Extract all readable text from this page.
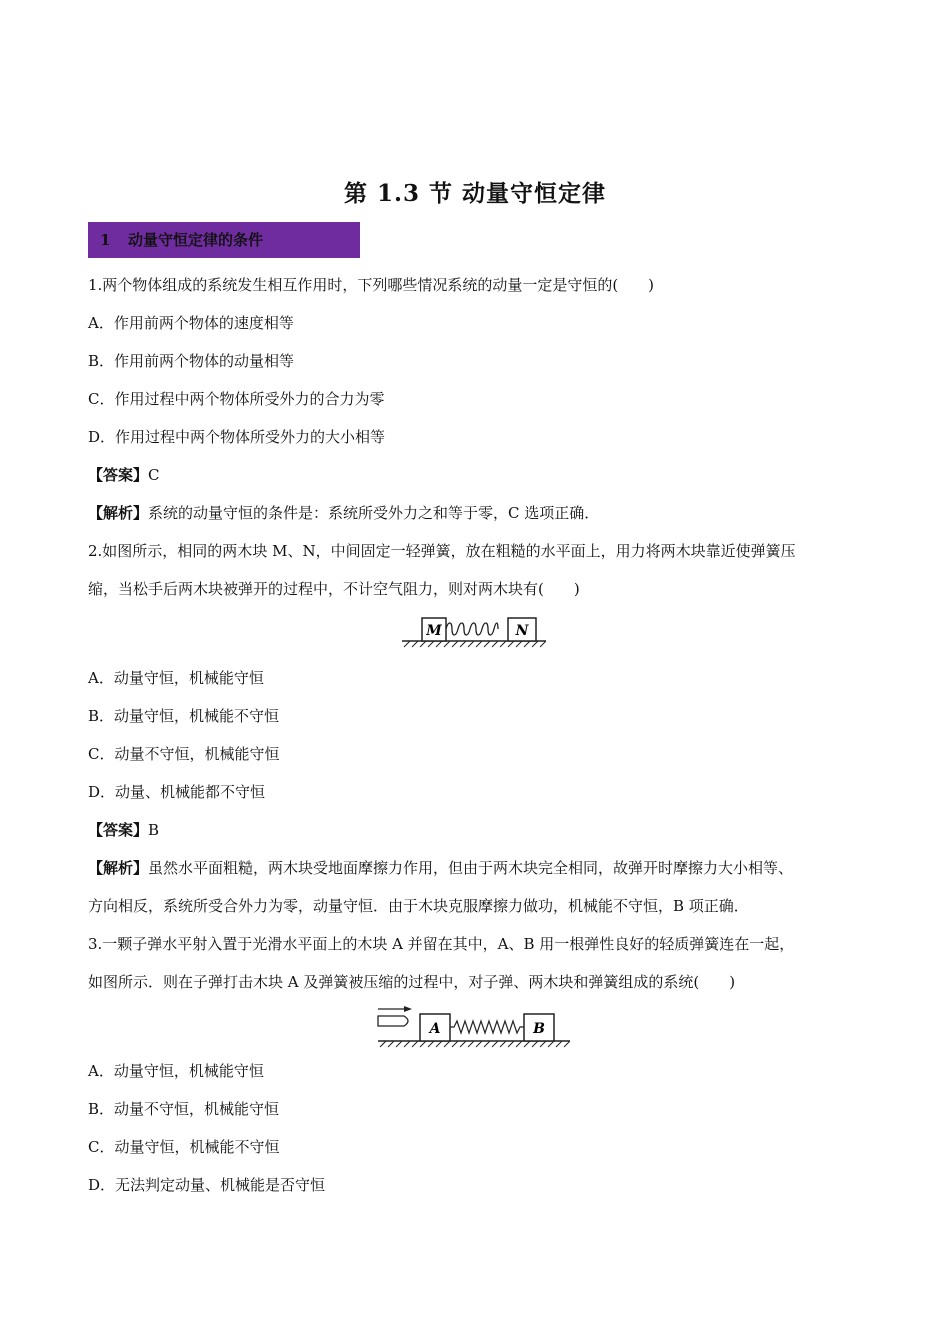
第 1.3 节 动量守恒定律
1 动量守恒定律的条件
1.两个物体组成的系统发生相互作用时，下列哪些情况系统的动量一定是守恒的(　　)
A．作用前两个物体的速度相等
B．作用前两个物体的动量相等
C．作用过程中两个物体所受外力的合力为零
D．作用过程中两个物体所受外力的大小相等
【答案】C
【解析】系统的动量守恒的条件是：系统所受外力之和等于零，C 选项正确．
2.如图所示，相同的两木块 M、N，中间固定一轻弹簧，放在粗糙的水平面上，用力将两木块靠近使弹簧压
缩，当松手后两木块被弹开的过程中，不计空气阻力，则对两木块有(　　)
M	N
A．动量守恒，机械能守恒
B．动量守恒，机械能不守恒
C．动量不守恒，机械能守恒
D．动量、机械能都不守恒
【答案】B
【解析】虽然水平面粗糙，两木块受地面摩擦力作用，但由于两木块完全相同，故弹开时摩擦力大小相等、
方向相反，系统所受合外力为零，动量守恒．由于木块克服摩擦力做功，机械能不守恒，B 项正确．
3.一颗子弹水平射入置于光滑水平面上的木块 A 并留在其中，A、B 用一根弹性良好的轻质弹簧连在一起，
如图所示．则在子弹打击木块 A 及弹簧被压缩的过程中，对子弹、两木块和弹簧组成的系统(　　)
A	B
A．动量守恒，机械能守恒
B．动量不守恒，机械能守恒
C．动量守恒，机械能不守恒
D．无法判定动量、机械能是否守恒
